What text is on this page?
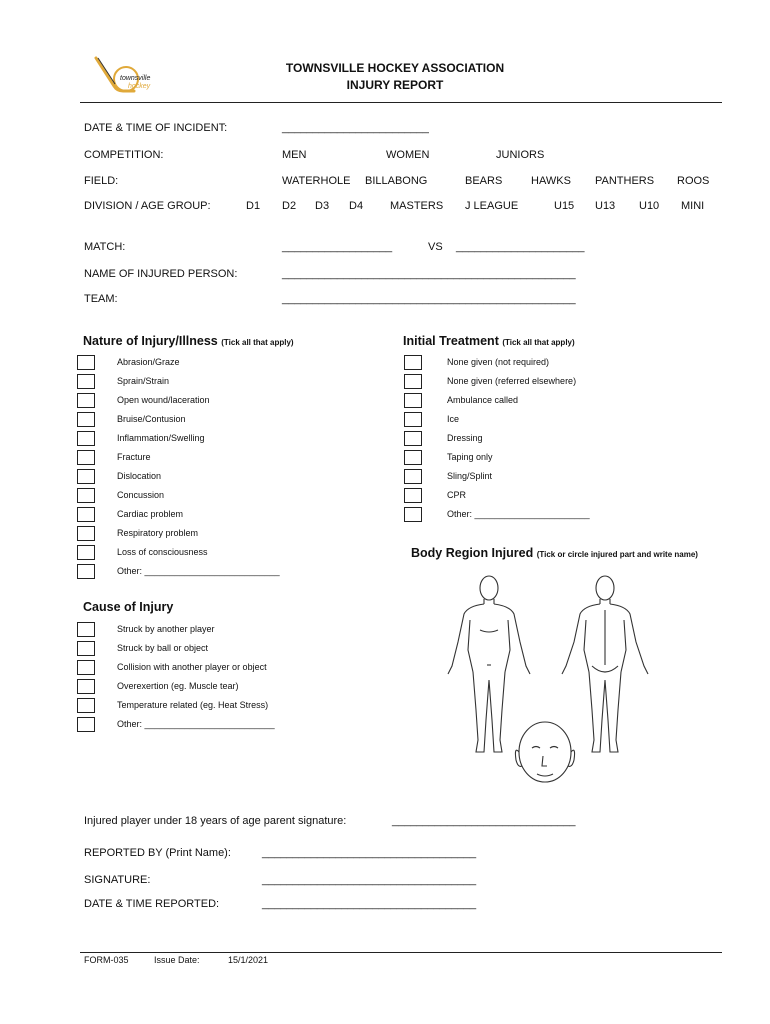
townsville
hockey
TOWNSVILLE HOCKEY ASSOCIATION
INJURY REPORT
DATE & TIME OF INCIDENT:	________________________
COMPETITION:	MEN	WOMEN	JUNIORS
FIELD:	WATERHOLE BILLABONG	BEARS	HAWKS PANTHERS ROOS
DIVISION / AGE GROUP:	D1 D2 D3 D4 MASTERS J LEAGUE	U15 U13 U10 MINI
MATCH:	__________________	VS _____________________
NAME OF INJURED PERSON:	________________________________________________
TEAM:	________________________________________________
Nature of Injury/Illness (Tick all that apply)
Abrasion/Graze
Sprain/Strain
Open wound/laceration
Bruise/Contusion
Inflammation/Swelling
Fracture
Dislocation
Concussion
Cardiac problem
Respiratory problem
Loss of consciousness
Other: ___________________________
Initial Treatment (Tick all that apply)
None given (not required)
None given (referred elsewhere)
Ambulance called
Ice
Dressing
Taping only
Sling/Splint
CPR
Other: _______________________
Body Region Injured (Tick or circle injured part and write name)
Cause of Injury
Struck by another player
Struck by ball or object
Collision with another player or object
Overexertion (eg. Muscle tear)
Temperature related (eg. Heat Stress)
Other: __________________________
Injured player under 18 years of age parent signature:	______________________________
REPORTED BY (Print Name):	___________________________________
SIGNATURE:	___________________________________
DATE & TIME REPORTED:	___________________________________
FORM-035	Issue Date:	15/1/2021
